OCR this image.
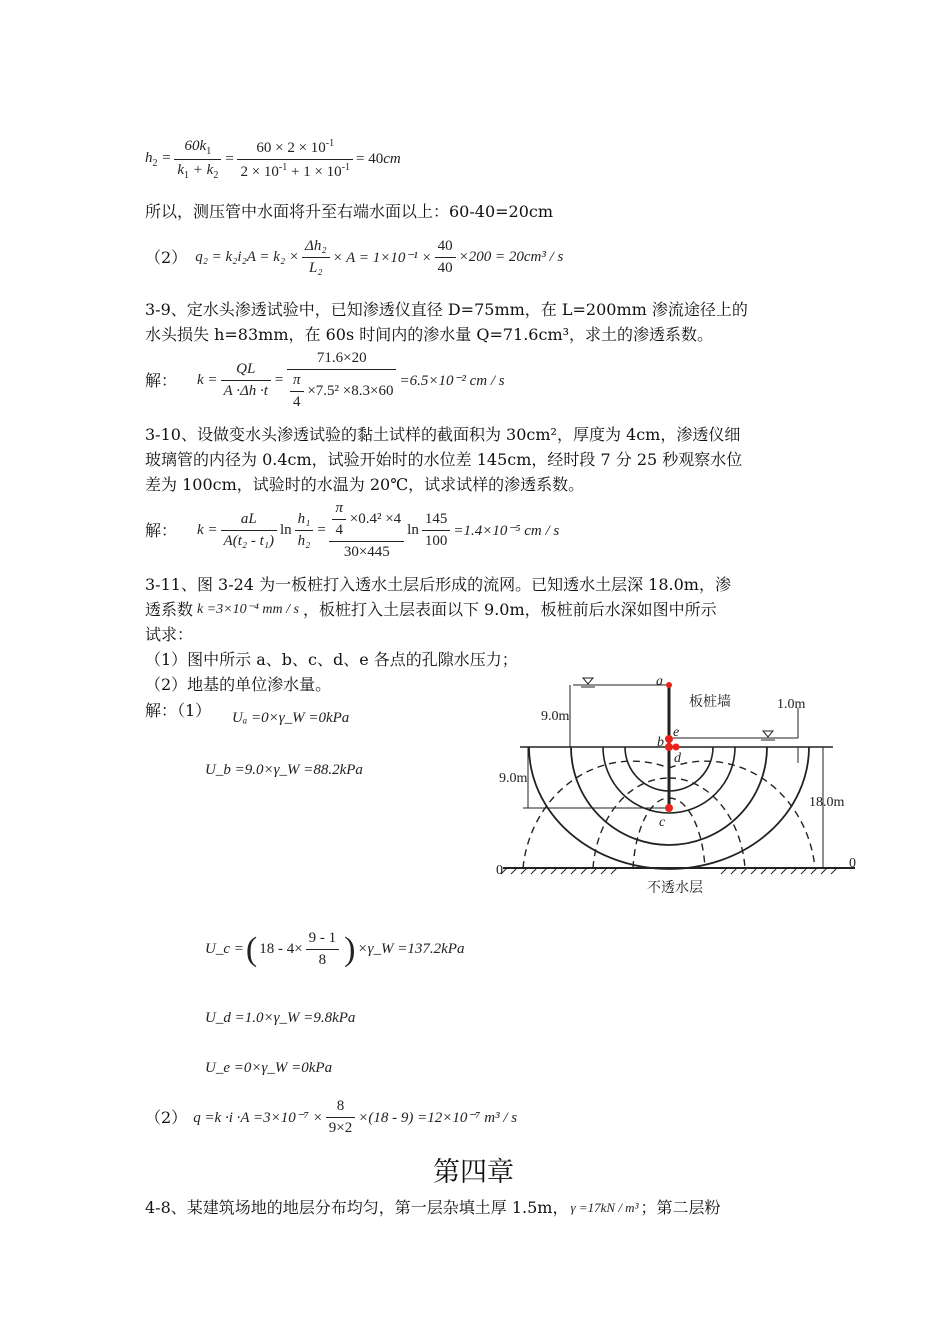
$h_2 = \frac{60k_1}{k_1 + k_2} = \frac{60 \times 2 \times 10^{-1}}{2 \times 10^{-1} + 1 \times 10^{-1}} = 40$ cm
所以，测压管中水面将升至右端水面以上：60-40=20cm
（2） $q_2 = k_2i_2A = k_2 \times \frac{\text{Δh₂}}{\text{L₂}} \times A = 1\times 10^{-1} \times \frac{40}{40} \times 200 = 20cm^3 / s$
3-9、定水头渗透试验中，已知渗透仪直径 D=75mm，在 L=200mm 渗流途径上的
水头损失 h=83mm，在 60s 时间内的渗水量 Q=71.6cm³，求土的渗透系数。
解： $k = \frac{QL}{A \cdot\Delta h \cdot t} = \frac{71.6\times 20}{\frac{\pi}{4} \times 7.5^2 \times 8.3\times 60} =6.5\times 10^{-2}$ cm / s
3-10、设做变水头渗透试验的黏土试样的截面积为 30cm²，厚度为 4cm，渗透仪细
玻璃管的内径为 0.4cm，试验开始时的水位差 145cm，经时段 7 分 25 秒观察水位
差为 100cm，试验时的水温为 20℃，试求试样的渗透系数。
解： $k = \frac{aL}{\text{A(t₂ - t₁)}}$ $\ln \frac{\text{h₁}}{\text{h₂}} = \frac{\frac{\pi}{4} \times 0.4^2 \times 4}{30\times 445}$ $\ln \frac{145}{100} =1.4\times 10^{-5}$ cm / s
3-11、图 3-24 为一板桩打入透水土层后形成的流网。已知透水土层深 18.0m，渗
透系数 k =3×10⁻⁴ mm / s ，板桩打入土层表面以下 9.0m，板桩前后水深如图中所示
试求：
（1）图中所示 a、b、c、d、e 各点的孔隙水压力；
（2）地基的单位渗水量。
解：（1） Uₐ =0×γ_W =0kPa
U_b =9.0×γ_W =88.2kPa
a
e
b
d
c
9.0m
9.0m
1.0m
18.0m
0	0
板桩墙
不透水层
U_c = ( $18 - 4\times \frac{9 - 1}{8}$ ) ×γ_W =137.2kPa
U_d =1.0×γ_W =9.8kPa
U_e =0×γ_W =0kPa
（2） $q =k \cdot i \cdot A =3\times 10^{-7} \times \frac{8}{9\times 2} \times(18 - 9) =12\times 10^{-7}$ m³ / s
第四章
4-8、某建筑场地的地层分布均匀，第一层杂填土厚 1.5m， γ =17kN / m³ ；第二层粉
